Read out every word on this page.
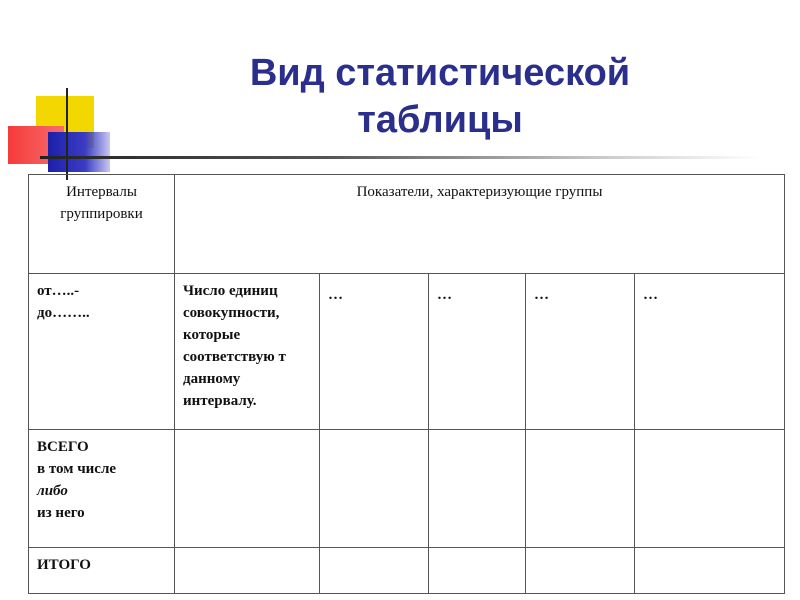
Вид статистической
таблицы
Интервалы группировки	Показатели, характеризующие группы				

от…..-
до……..	Число единиц совокупности, которые соответствую т данному интервалу.	…	…	…	…

ВСЕГО
в том числе
либо
из него					

ИТОГО					
